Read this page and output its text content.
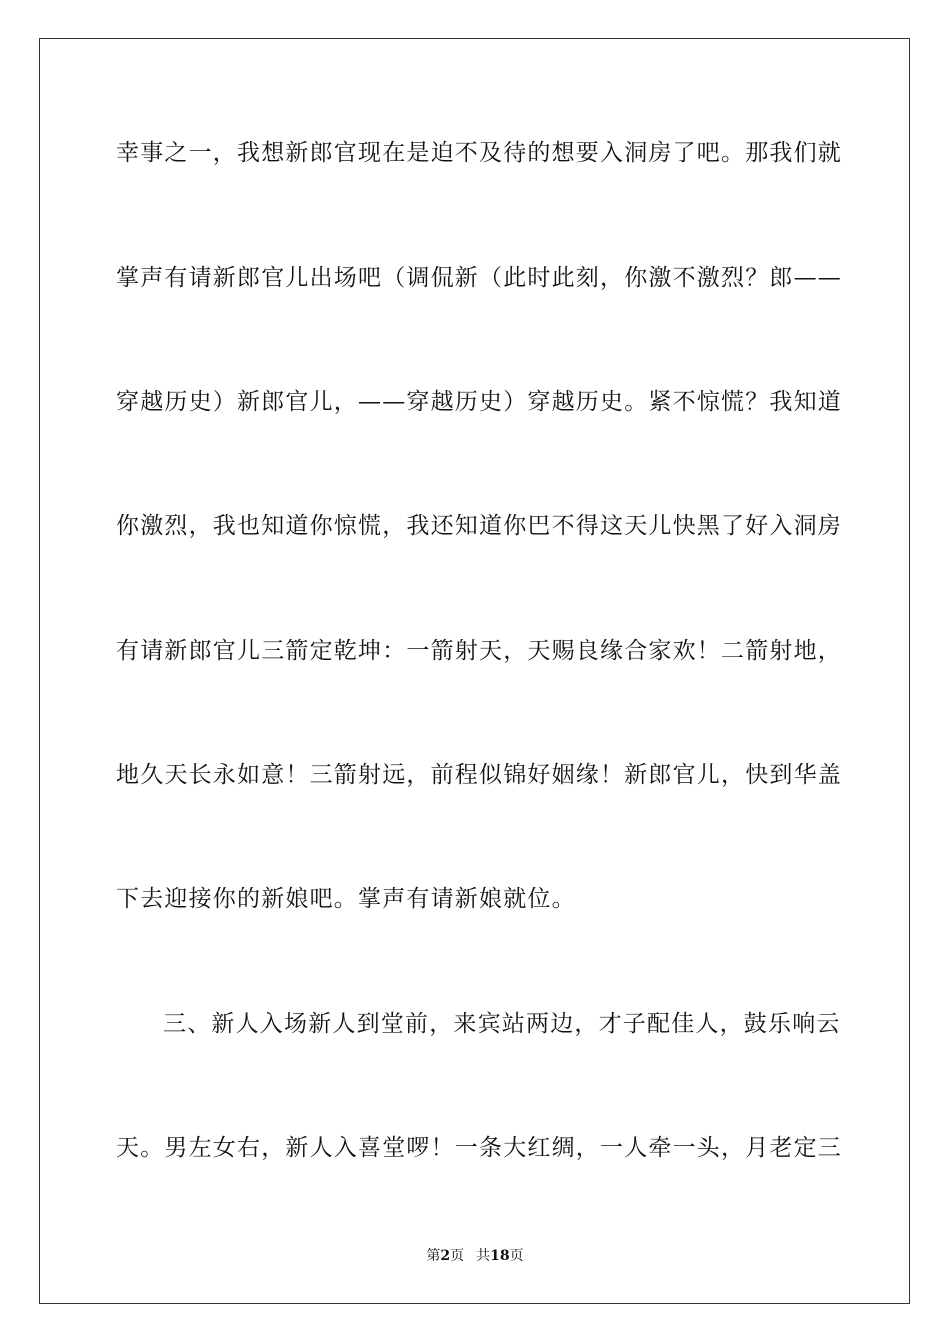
幸事之一，我想新郎官现在是迫不及待的想要入洞房了吧。那我们就
掌声有请新郎官儿出场吧（调侃新（此时此刻，你激不激烈？郎——
穿越历史）新郎官儿，——穿越历史）穿越历史。紧不惊慌？我知道
你激烈，我也知道你惊慌，我还知道你巴不得这天儿快黑了好入洞房
有请新郎官儿三箭定乾坤：一箭射天，天赐良缘合家欢！二箭射地，
地久天长永如意！三箭射远，前程似锦好姻缘！新郎官儿，快到华盖
下去迎接你的新娘吧。掌声有请新娘就位。
三、新人入场新人到堂前，来宾站两边，才子配佳人，鼓乐响云
天。男左女右，新人入喜堂啰！一条大红绸，一人牵一头，月老定三
第2页 共18页
